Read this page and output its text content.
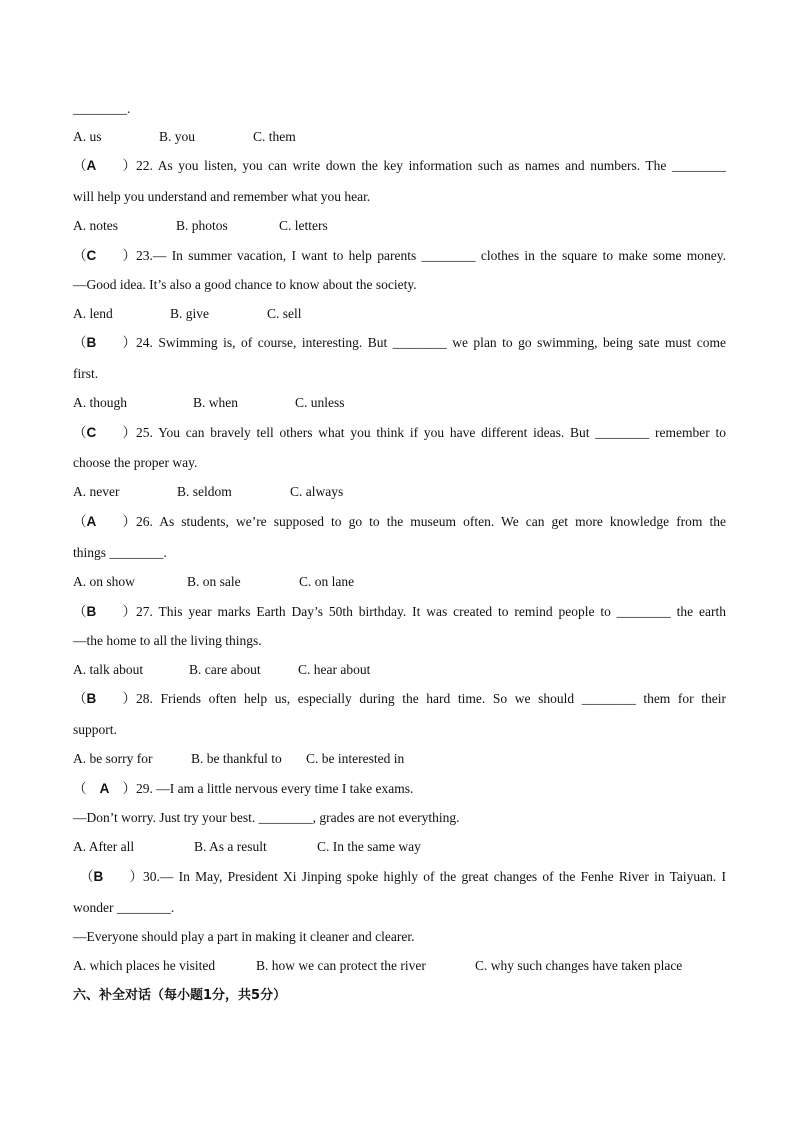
________.
A. us	B. you	C. them
（A ）22. As you listen, you can write down the key information such as names and numbers. The ________
will help you understand and remember what you hear.
A. notes	B. photos	C. letters
（C ）23.— In summer vacation, I want to help parents ________ clothes in the square to make some money.
—Good idea. It’s also a good chance to know about the society.
A. lend	B. give	C. sell
（B ）24. Swimming is, of course, interesting. But ________ we plan to go swimming, being sate must come
first.
A. though	B. when	C. unless
（C ）25. You can bravely tell others what you think if you have different ideas. But ________ remember to
choose the proper way.
A. never	B. seldom	C. always
（A ）26. As students, we’re supposed to go to the museum often. We can get more knowledge from the
things ________.
A. on show	B. on sale	C. on lane
（B ）27. This year marks Earth Day’s 50th birthday. It was created to remind people to ________ the earth
—the home to all the living things.
A. talk about	B. care about	C. hear about
（B ）28. Friends often help us, especially during the hard time. So we should ________ them for their
support.
A. be sorry for	B. be thankful to C. be interested in
（ A ）29. —I am a little nervous every time I take exams.
—Don’t worry. Just try your best. ________, grades are not everything.
A. After all	B. As a result	C. In the same way
（B ）30.— In May, President Xi Jinping spoke highly of the great changes of the Fenhe River in Taiyuan. I
wonder ________.
—Everyone should play a part in making it cleaner and clearer.
A. which places he visited	B. how we can protect the river	C. why such changes have taken place
六、补全对话（每小题1分，共5分）
